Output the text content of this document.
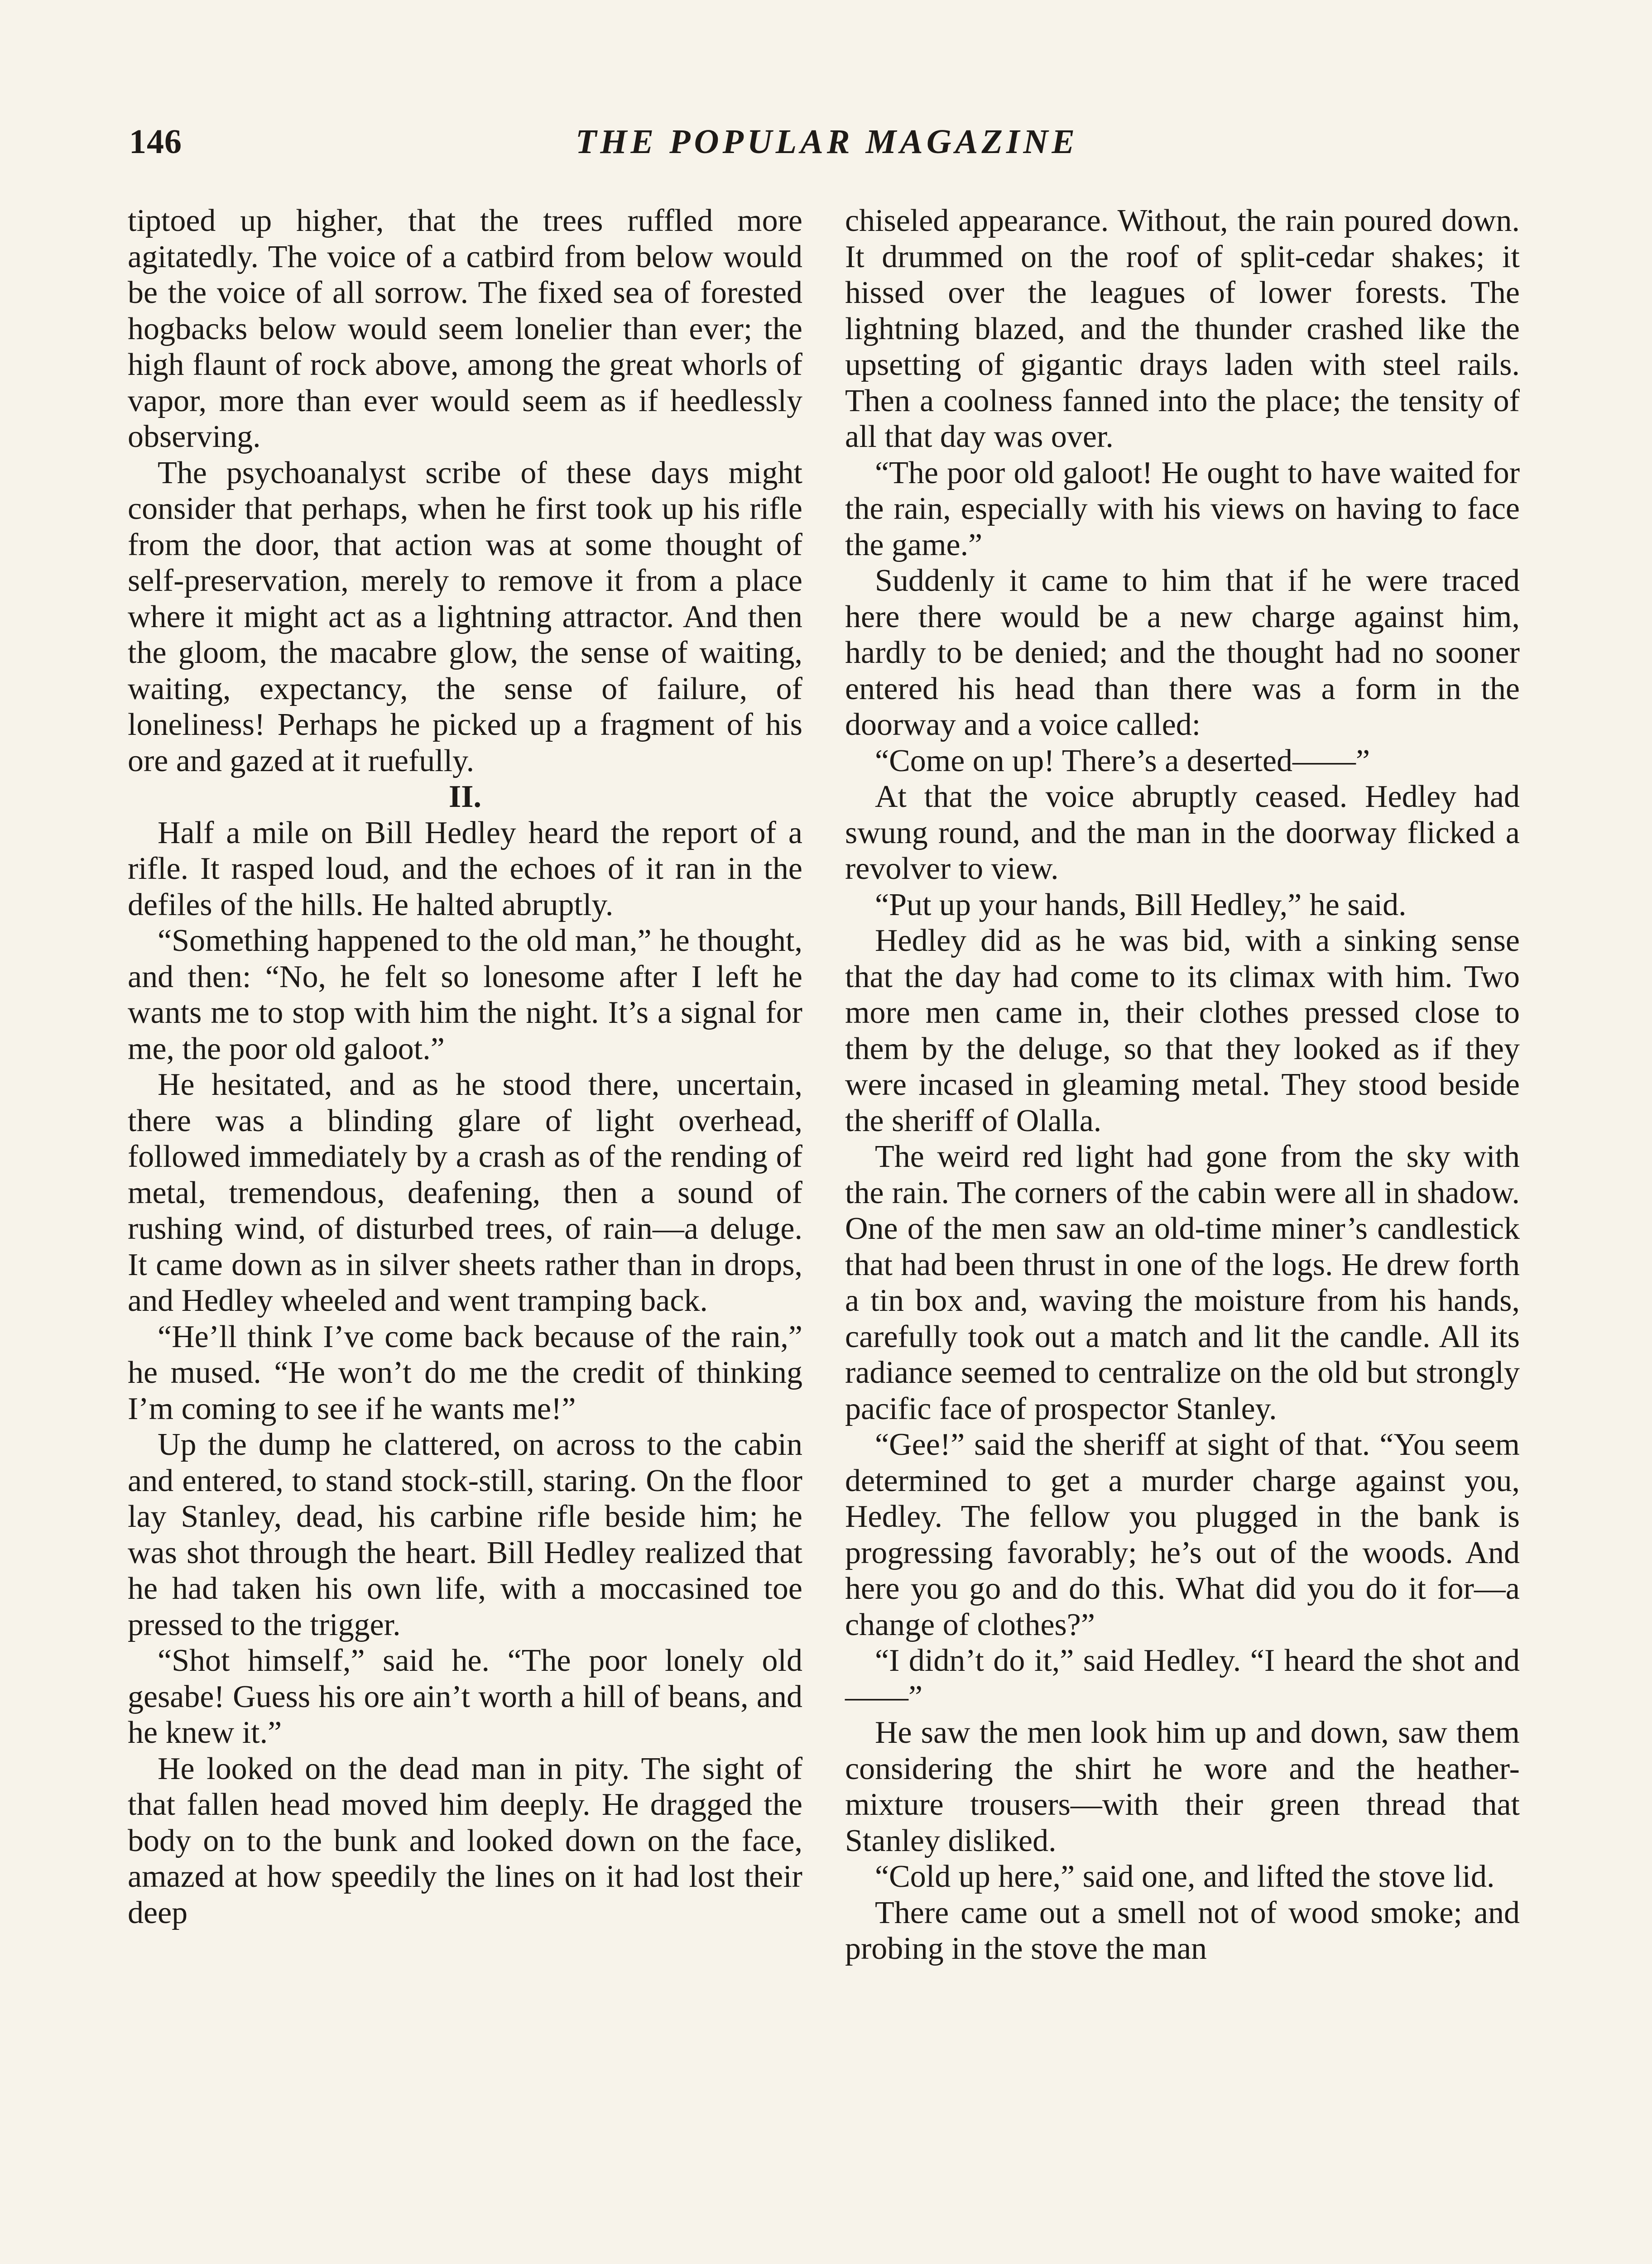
146	THE POPULAR MAGAZINE

tiptoed up higher, that the trees ruffled more agitatedly. The voice of a catbird from below would be the voice of all sorrow. The fixed sea of forested hogbacks below would seem lonelier than ever; the high flaunt of rock above, among the great whorls of vapor, more than ever would seem as if heedlessly observing.

The psychoanalyst scribe of these days might consider that perhaps, when he first took up his rifle from the door, that action was at some thought of self-preservation, merely to remove it from a place where it might act as a lightning attractor. And then the gloom, the macabre glow, the sense of waiting, waiting, expectancy, the sense of failure, of loneliness! Perhaps he picked up a fragment of his ore and gazed at it ruefully.

II.

Half a mile on Bill Hedley heard the report of a rifle. It rasped loud, and the echoes of it ran in the defiles of the hills. He halted abruptly.

“Something happened to the old man,” he thought, and then: “No, he felt so lonesome after I left he wants me to stop with him the night. It’s a signal for me, the poor old galoot.”

He hesitated, and as he stood there, uncertain, there was a blinding glare of light overhead, followed immediately by a crash as of the rending of metal, tremendous, deafening, then a sound of rushing wind, of disturbed trees, of rain—a deluge. It came down as in silver sheets rather than in drops, and Hedley wheeled and went tramping back.

“He’ll think I’ve come back because of the rain,” he mused. “He won’t do me the credit of thinking I’m coming to see if he wants me!”

Up the dump he clattered, on across to the cabin and entered, to stand stock-still, staring. On the floor lay Stanley, dead, his carbine rifle beside him; he was shot through the heart. Bill Hedley realized that he had taken his own life, with a moccasined toe pressed to the trigger.

“Shot himself,” said he. “The poor lonely old gesabe! Guess his ore ain’t worth a hill of beans, and he knew it.”

He looked on the dead man in pity. The sight of that fallen head moved him deeply. He dragged the body on to the bunk and looked down on the face, amazed at how speedily the lines on it had lost their deep

chiseled appearance. Without, the rain poured down. It drummed on the roof of split-cedar shakes; it hissed over the leagues of lower forests. The lightning blazed, and the thunder crashed like the upsetting of gigantic drays laden with steel rails. Then a coolness fanned into the place; the tensity of all that day was over.

“The poor old galoot! He ought to have waited for the rain, especially with his views on having to face the game.”

Suddenly it came to him that if he were traced here there would be a new charge against him, hardly to be denied; and the thought had no sooner entered his head than there was a form in the doorway and a voice called:

“Come on up! There’s a deserted——”

At that the voice abruptly ceased. Hedley had swung round, and the man in the doorway flicked a revolver to view.

“Put up your hands, Bill Hedley,” he said.

Hedley did as he was bid, with a sinking sense that the day had come to its climax with him. Two more men came in, their clothes pressed close to them by the deluge, so that they looked as if they were incased in gleaming metal. They stood beside the sheriff of Olalla.

The weird red light had gone from the sky with the rain. The corners of the cabin were all in shadow. One of the men saw an old-time miner’s candlestick that had been thrust in one of the logs. He drew forth a tin box and, waving the moisture from his hands, carefully took out a match and lit the candle. All its radiance seemed to centralize on the old but strongly pacific face of prospector Stanley.

“Gee!” said the sheriff at sight of that. “You seem determined to get a murder charge against you, Hedley. The fellow you plugged in the bank is progressing favorably; he’s out of the woods. And here you go and do this. What did you do it for—a change of clothes?”

“I didn’t do it,” said Hedley. “I heard the shot and——”

He saw the men look him up and down, saw them considering the shirt he wore and the heather-mixture trousers—with their green thread that Stanley disliked.

“Cold up here,” said one, and lifted the stove lid.

There came out a smell not of wood smoke; and probing in the stove the man
